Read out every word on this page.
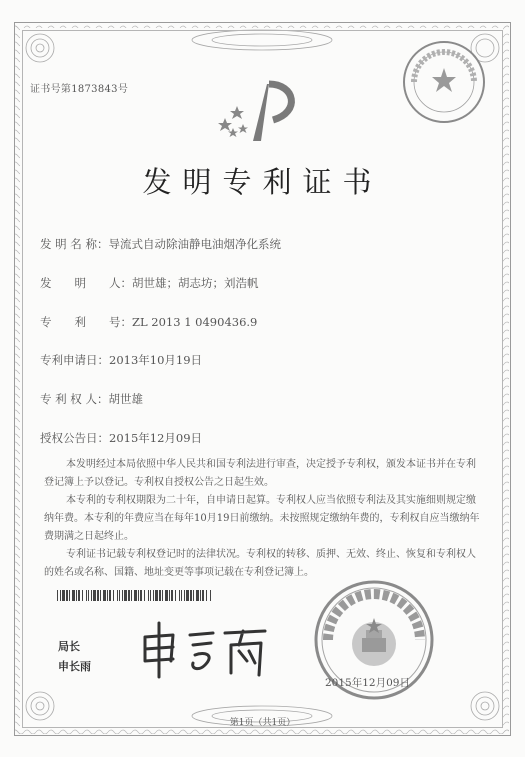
证书号第1873843号
发明专利证书
发 明 名 称：导流式自动除油静电油烟净化系统
发　　明　　人：胡世雄；胡志坊；刘浩帆
专　　利　　号：ZL 2013 1 0490436.9
专利申请日：2013年10月19日
专 利 权 人：胡世雄
授权公告日：2015年12月09日

本发明经过本局依照中华人民共和国专利法进行审查，决定授予专利权，颁发本证书并在专利登记簿上予以登记。专利权自授权公告之日起生效。

本专利的专利权期限为二十年，自申请日起算。专利权人应当依照专利法及其实施细则规定缴纳年费。本专利的年费应当在每年10月19日前缴纳。未按照规定缴纳年费的，专利权自应当缴纳年费期满之日起终止。

专利证书记载专利权登记时的法律状况。专利权的转移、质押、无效、终止、恢复和专利权人的姓名或名称、国籍、地址变更等事项记载在专利登记簿上。

局长
申长雨
2015年12月09日
第1页（共1页）
